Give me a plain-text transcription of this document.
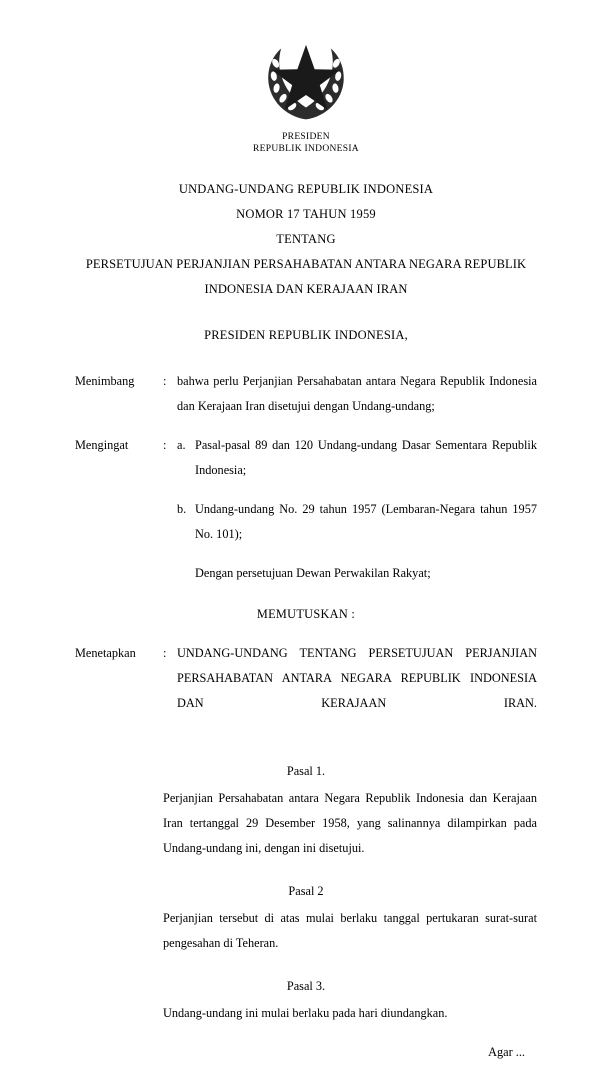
PRESIDEN
REPUBLIK INDONESIA
UNDANG-UNDANG REPUBLIK INDONESIA
NOMOR 17 TAHUN 1959
TENTANG
PERSETUJUAN PERJANJIAN PERSAHABATAN ANTARA NEGARA REPUBLIK
INDONESIA DAN KERAJAAN IRAN
PRESIDEN REPUBLIK INDONESIA,
Menimbang	: bahwa perlu Perjanjian Persahabatan antara Negara Republik Indonesia dan Kerajaan Iran disetujui dengan Undang-undang;

Mengingat	: a. Pasal-pasal 89 dan 120 Undang-undang Dasar Sementara Republik Indonesia;
b. Undang-undang No. 29 tahun 1957 (Lembaran-Negara tahun 1957 No. 101);
Dengan persetujuan Dewan Perwakilan Rakyat;
MEMUTUSKAN :
Menetapkan	: UNDANG-UNDANG TENTANG PERSETUJUAN PERJANJIAN PERSAHABATAN ANTARA NEGARA REPUBLIK INDONESIA DAN KERAJAAN IRAN.

Pasal 1.

Perjanjian Persahabatan antara Negara Republik Indonesia dan Kerajaan Iran tertanggal 29 Desember 1958, yang salinannya dilampirkan pada Undang-undang ini, dengan ini disetujui.

Pasal 2

Perjanjian tersebut di atas mulai berlaku tanggal pertukaran surat-surat pengesahan di Teheran.

Pasal 3.

Undang-undang ini mulai berlaku pada hari diundangkan.

Agar ...
